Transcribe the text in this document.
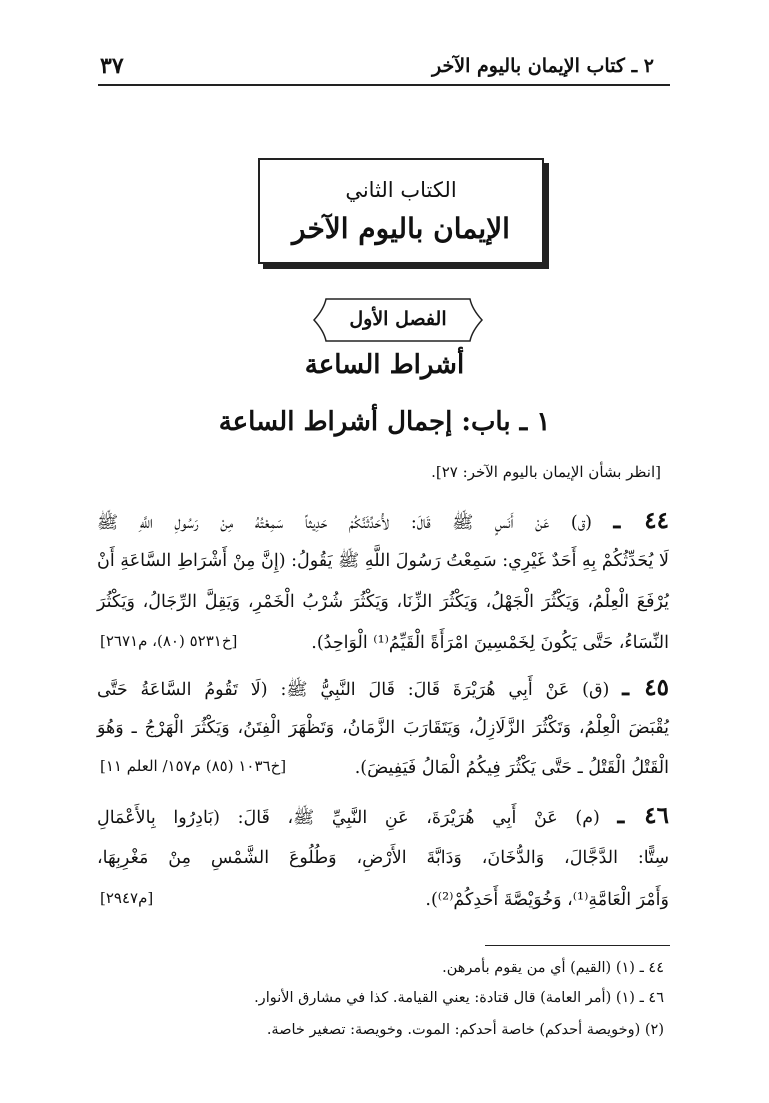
٢ ـ كتاب الإيمان باليوم الآخر
٣٧
الكتاب الثاني
الإيمان باليوم الآخر
الفصل الأول
أشراط الساعة
١ ـ باب: إجمال أشراط الساعة
[انظر بشأن الإيمان باليوم الآخر: ٢٧].
٤٤ ـ (ق) عَنْ أَنَسٍ ﷺ قَالَ: لأُحَدِّثَنَّكُمْ حَدِيثاً سَمِعْتُهُ مِنْ رَسُولِ اللَّهِ ﷺ
لَا يُحَدِّثُكُمْ بِهِ أَحَدٌ غَيْرِي: سَمِعْتُ رَسُولَ اللَّهِ ﷺ يَقُولُ: (إِنَّ مِنْ أَشْرَاطِ السَّاعَةِ أَنْ
يُرْفَعَ الْعِلْمُ، وَيَكْثُرَ الْجَهْلُ، وَيَكْثُرَ الزِّنَا، وَيَكْثُرَ شُرْبُ الْخَمْرِ، وَيَقِلَّ الرِّجَالُ، وَيَكْثُرَ
النِّسَاءُ، حَتَّى يَكُونَ لِخَمْسِينَ امْرَأَةً الْقَيِّمُ⁽¹⁾ الْوَاحِدُ).
[خ٥٢٣١ (٨٠)، م٢٦٧١]
٤٥ ـ (ق) عَنْ أَبِي هُرَيْرَةَ قَالَ: قَالَ النَّبِيُّ ﷺ: (لَا تَقُومُ السَّاعَةُ حَتَّى
يُقْبَضَ الْعِلْمُ، وَتَكْثُرَ الزَّلَازِلُ، وَيَتَقَارَبَ الزَّمَانُ، وَتَظْهَرَ الْفِتَنُ، وَيَكْثُرَ الْهَرْجُ ـ وَهُوَ
الْقَتْلُ الْقَتْلُ ـ حَتَّى يَكْثُرَ فِيكُمُ الْمَالُ فَيَفِيضَ).
[خ١٠٣٦ (٨٥) م١٥٧/ العلم ١١]
٤٦ ـ (م) عَنْ أَبِي هُرَيْرَةَ، عَنِ النَّبِيِّ ﷺ، قَالَ: (بَادِرُوا بِالأَعْمَالِ
سِتًّا: الدَّجَّالَ، وَالدُّخَانَ، وَدَابَّةَ الأَرْضِ، وَطُلُوعَ الشَّمْسِ مِنْ مَغْرِبِهَا،
وَأَمْرَ الْعَامَّةِ⁽¹⁾، وَخُوَيْصَّةَ أَحَدِكُمْ⁽²⁾).
[م٢٩٤٧]
٤٤ ـ (١) (القيم) أي من يقوم بأمرهن.
٤٦ ـ (١) (أمر العامة) قال قتادة: يعني القيامة. كذا في مشارق الأنوار.
(٢) (وخويصة أحدكم) خاصة أحدكم: الموت. وخويصة: تصغير خاصة.
